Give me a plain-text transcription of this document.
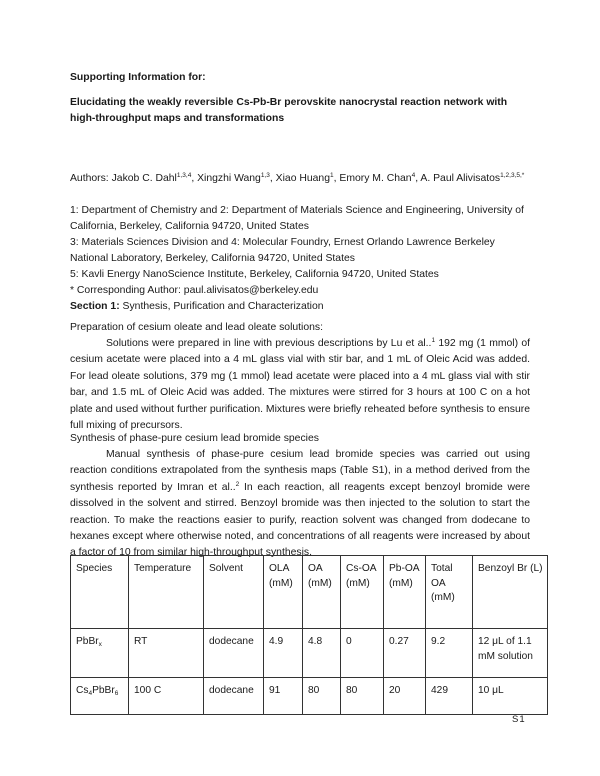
Supporting Information for:

Elucidating the weakly reversible Cs-Pb-Br perovskite nanocrystal reaction network with high-throughput maps and transformations

Authors: Jakob C. Dahl$^{1,3,4}$, Xingzhi Wang$^{1,3}$, Xiao Huang$^1$, Emory M. Chan$^4$, A. Paul Alivisatos$^{1,2,3,5,*}$

1: Department of Chemistry and 2: Department of Materials Science and Engineering, University of California, Berkeley, California 94720, United States

3: Materials Sciences Division and 4: Molecular Foundry, Ernest Orlando Lawrence Berkeley National Laboratory, Berkeley, California 94720, United States

5: Kavli Energy NanoScience Institute, Berkeley, California 94720, United States

* Corresponding Author: paul.alivisatos@berkeley.edu

Section 1: Synthesis, Purification and Characterization

Preparation of cesium oleate and lead oleate solutions:

Solutions were prepared in line with previous descriptions by Lu et al..$^1$ 192 mg (1 mmol) of cesium acetate were placed into a 4 mL glass vial with stir bar, and 1 mL of Oleic Acid was added. For lead oleate solutions, 379 mg (1 mmol) lead acetate were placed into a 4 mL glass vial with stir bar, and 1.5 mL of Oleic Acid was added. The mixtures were stirred for 3 hours at 100 C on a hot plate and used without further purification. Mixtures were briefly reheated before synthesis to ensure full mixing of precursors.

Synthesis of phase-pure cesium lead bromide species

Manual synthesis of phase-pure cesium lead bromide species was carried out using reaction conditions extrapolated from the synthesis maps (Table S1), in a method derived from the synthesis reported by Imran et al..$^2$ In each reaction, all reagents except benzoyl bromide were dissolved in the solvent and stirred. Benzoyl bromide was then injected to the solution to start the reaction. To make the reactions easier to purify, reaction solvent was changed from dodecane to hexanes except where otherwise noted, and concentrations of all reagents were increased by about a factor of 10 from similar high-throughput synthesis.

Species	Temperature	Solvent	OLA (mM)	OA (mM)	Cs-OA (mM)	Pb-OA (mM)	Total OA (mM)	Benzoyl Br (L)
PbBr$_x$	RT	dodecane	4.9	4.8	0	0.27	9.2	12 μL of 1.1 mM solution
$Cs_4PbBr_6$	100 C	dodecane	91	80	80	20	429	10 μL
S1
